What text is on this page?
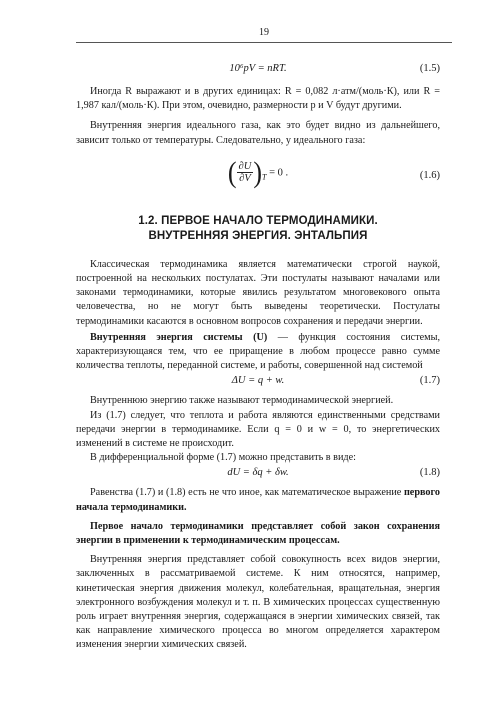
19
10⁶pV = nRT.	(1.5)

Иногда R выражают и в других единицах: R = 0,082 л·атм/(моль·К), или R = 1,987 кал/(моль·К). При этом, очевидно, размерности p и V будут другими.

Внутренняя энергия идеального газа, как это будет видно из дальнейшего, зависит только от температуры. Следовательно, у идеального газа:

( $\frac{\partial U}{\partial V} )_T = 0$ .	(1.6)
1.2. ПЕРВОЕ НАЧАЛО ТЕРМОДИНАМИКИ.
ВНУТРЕННЯЯ ЭНЕРГИЯ. ЭНТАЛЬПИЯ

Классическая термодинамика является математически строгой наукой, построенной на нескольких постулатах. Эти постулаты называют началами или законами термодинамики, которые явились результатом многовекового опыта человечества, но не могут быть выведены теоретически. Постулаты термодинамики касаются в основном вопросов сохранения и передачи энергии.

Внутренняя энергия системы (U) — функция состояния системы, характеризующаяся тем, что ее приращение в любом процессе равно сумме количества теплоты, переданной системе, и работы, совершенной над системой

ΔU = q + w.	(1.7)

Внутреннюю энергию также называют термодинамической энергией.

Из (1.7) следует, что теплота и работа являются единственными средствами передачи энергии в термодинамике. Если q = 0 и w = 0, то энергетических изменений в системе не происходит.

В дифференциальной форме (1.7) можно представить в виде:

dU = δq + δw.	(1.8)

Равенства (1.7) и (1.8) есть не что иное, как математическое выражение первого начала термодинамики.

Первое начало термодинамики представляет собой закон сохранения энергии в применении к термодинамическим процессам.

Внутренняя энергия представляет собой совокупность всех видов энергии, заключенных в рассматриваемой системе. К ним относятся, например, кинетическая энергия движения молекул, колебательная, вращательная, энергия электронного возбуждения молекул и т. п. В химических процессах существенную роль играет внутренняя энергия, содержащаяся в энергии химических связей, так как направление химического процесса во многом определяется характером изменения энергии химических связей.
